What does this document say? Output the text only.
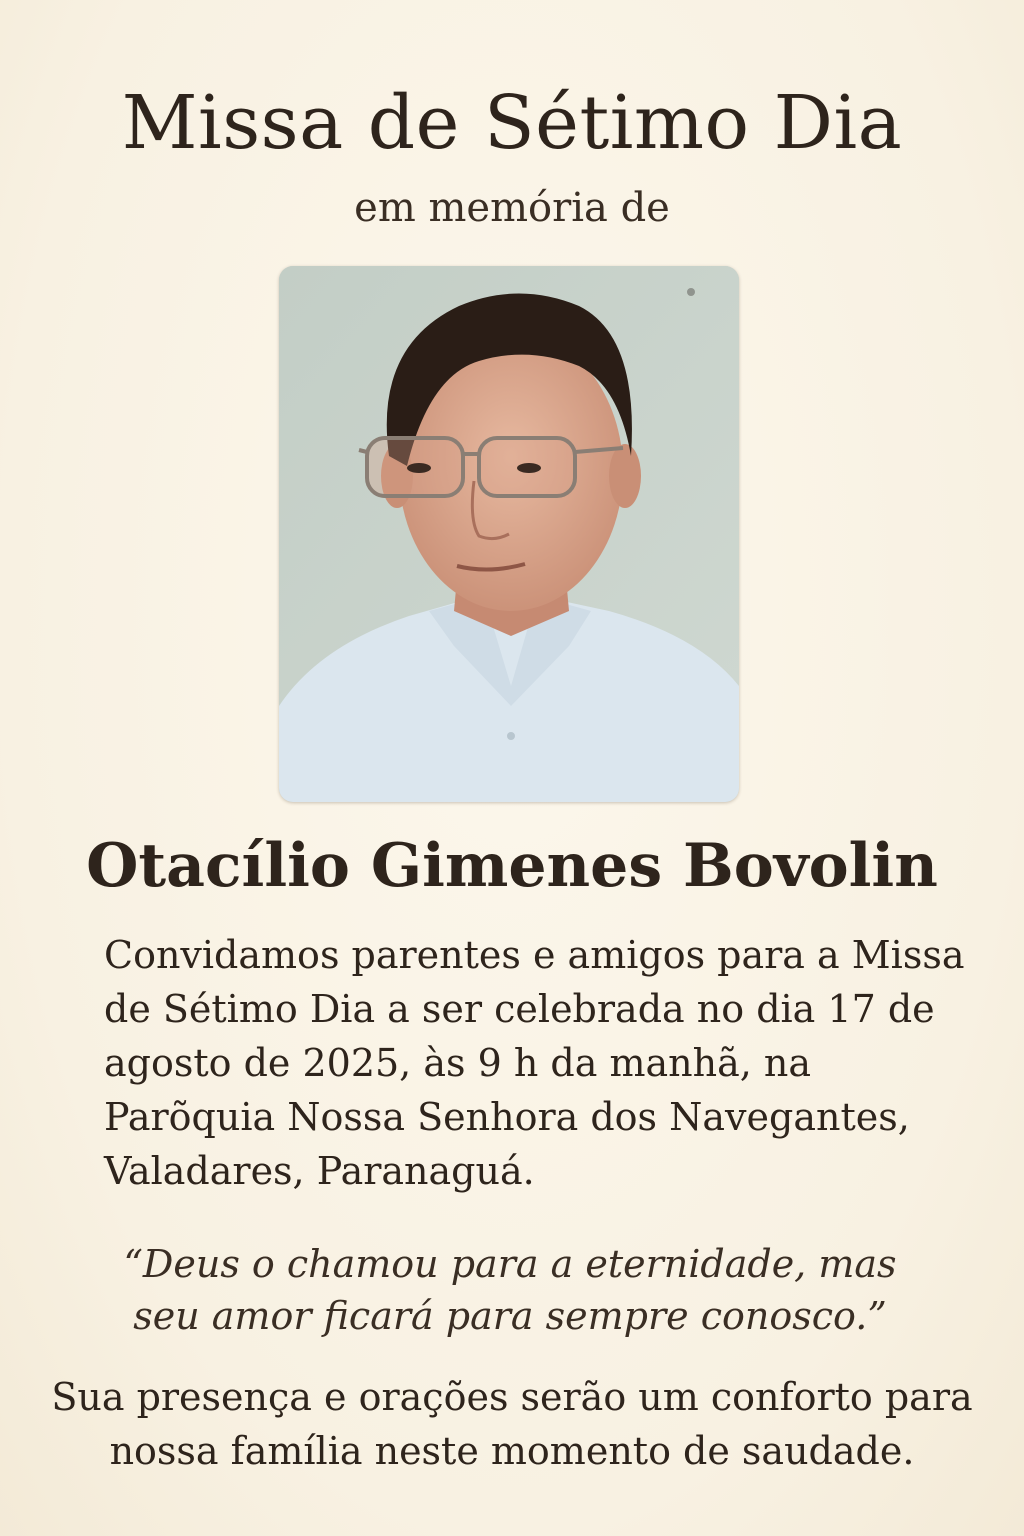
Missa de Sétimo Dia
em memória de
Otacílio Gimenes Bovolin
Convidamos parentes e amigos para a Missa de Sétimo Dia a ser celebrada no dia 17 de agosto de 2025, às 9 h da manhã, na Parõquia Nossa Senhora dos Navegantes, Valadares, Paranaguá.
“Deus o chamou para a eternidade, mas seu amor ficará para sempre conosco.”
Sua presença e orações serão um conforto para nossa família neste momento de saudade.
